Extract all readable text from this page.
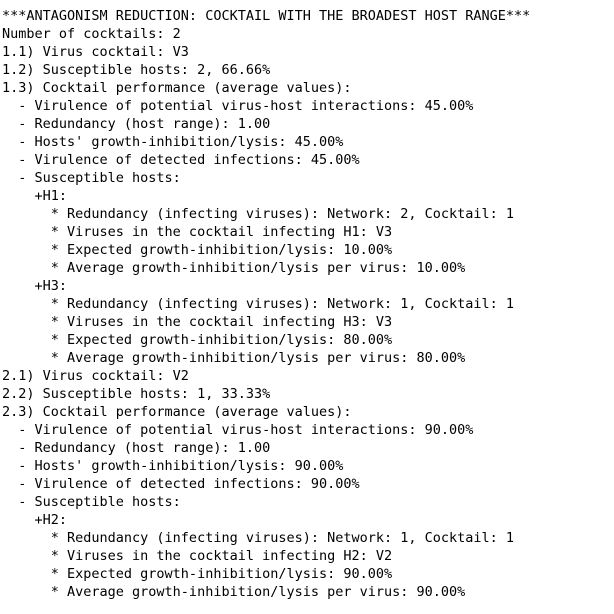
***ANTAGONISM REDUCTION: COCKTAIL WITH THE BROADEST HOST RANGE***
Number of cocktails: 2
1.1) Virus cocktail: V3
1.2) Susceptible hosts: 2, 66.66%
1.3) Cocktail performance (average values):
- Virulence of potential virus-host interactions: 45.00%
- Redundancy (host range): 1.00
- Hosts' growth-inhibition/lysis: 45.00%
- Virulence of detected infections: 45.00%
- Susceptible hosts:
+H1:
* Redundancy (infecting viruses): Network: 2, Cocktail: 1
* Viruses in the cocktail infecting H1: V3
* Expected growth-inhibition/lysis: 10.00%
* Average growth-inhibition/lysis per virus: 10.00%
+H3:
* Redundancy (infecting viruses): Network: 1, Cocktail: 1
* Viruses in the cocktail infecting H3: V3
* Expected growth-inhibition/lysis: 80.00%
* Average growth-inhibition/lysis per virus: 80.00%
2.1) Virus cocktail: V2
2.2) Susceptible hosts: 1, 33.33%
2.3) Cocktail performance (average values):
- Virulence of potential virus-host interactions: 90.00%
- Redundancy (host range): 1.00
- Hosts' growth-inhibition/lysis: 90.00%
- Virulence of detected infections: 90.00%
- Susceptible hosts:
+H2:
* Redundancy (infecting viruses): Network: 1, Cocktail: 1
* Viruses in the cocktail infecting H2: V2
* Expected growth-inhibition/lysis: 90.00%
* Average growth-inhibition/lysis per virus: 90.00%
